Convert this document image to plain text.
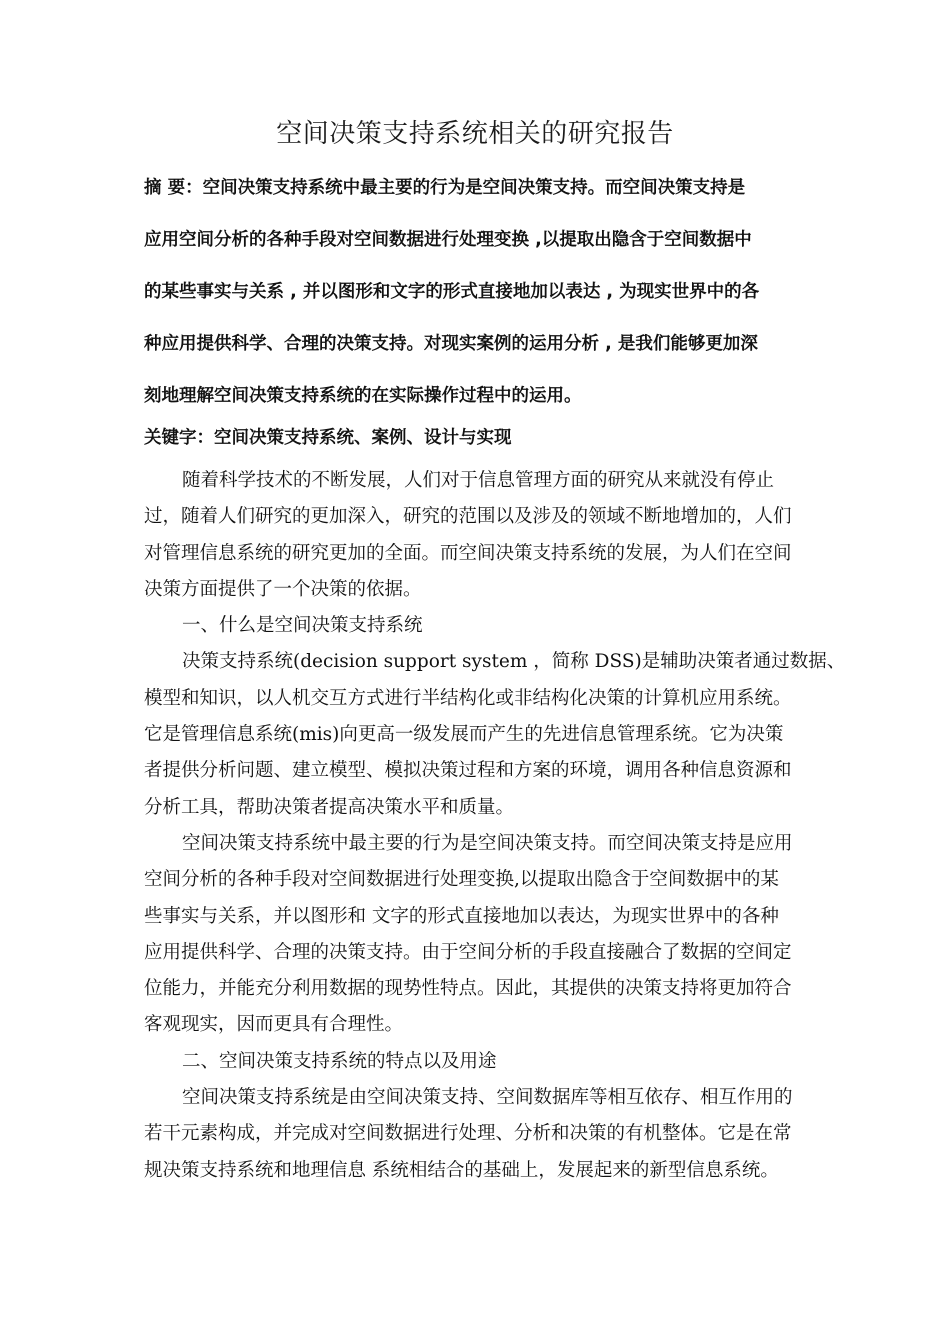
空间决策支持系统相关的研究报告
摘 要：空间决策支持系统中最主要的行为是空间决策支持。而空间决策支持是
应用空间分析的各种手段对空间数据进行处理变换 ,以提取出隐含于空间数据中
的某些事实与关系 , 并以图形和文字的形式直接地加以表达 , 为现实世界中的各
种应用提供科学、合理的决策支持。对现实案例的运用分析 , 是我们能够更加深
刻地理解空间决策支持系统的在实际操作过程中的运用。
关键字：空间决策支持系统、案例、设计与实现
随着科学技术的不断发展，人们对于信息管理方面的研究从来就没有停止
过，随着人们研究的更加深入，研究的范围以及涉及的领域不断地增加的，人们
对管理信息系统的研究更加的全面。而空间决策支持系统的发展，为人们在空间
决策方面提供了一个决策的依据。
一、什么是空间决策支持系统
决策支持系统(decision support system ，简称 DSS)是辅助决策者通过数据、
模型和知识，以人机交互方式进行半结构化或非结构化决策的计算机应用系统。
它是管理信息系统(mis)向更高一级发展而产生的先进信息管理系统。它为决策
者提供分析问题、建立模型、模拟决策过程和方案的环境，调用各种信息资源和
分析工具，帮助决策者提高决策水平和质量。
空间决策支持系统中最主要的行为是空间决策支持。而空间决策支持是应用
空间分析的各种手段对空间数据进行处理变换,以提取出隐含于空间数据中的某
些事实与关系，并以图形和 文字的形式直接地加以表达，为现实世界中的各种
应用提供科学、合理的决策支持。由于空间分析的手段直接融合了数据的空间定
位能力，并能充分利用数据的现势性特点。因此，其提供的决策支持将更加符合
客观现实，因而更具有合理性。
二、空间决策支持系统的特点以及用途
空间决策支持系统是由空间决策支持、空间数据库等相互依存、相互作用的
若干元素构成，并完成对空间数据进行处理、分析和决策的有机整体。它是在常
规决策支持系统和地理信息 系统相结合的基础上，发展起来的新型信息系统。
